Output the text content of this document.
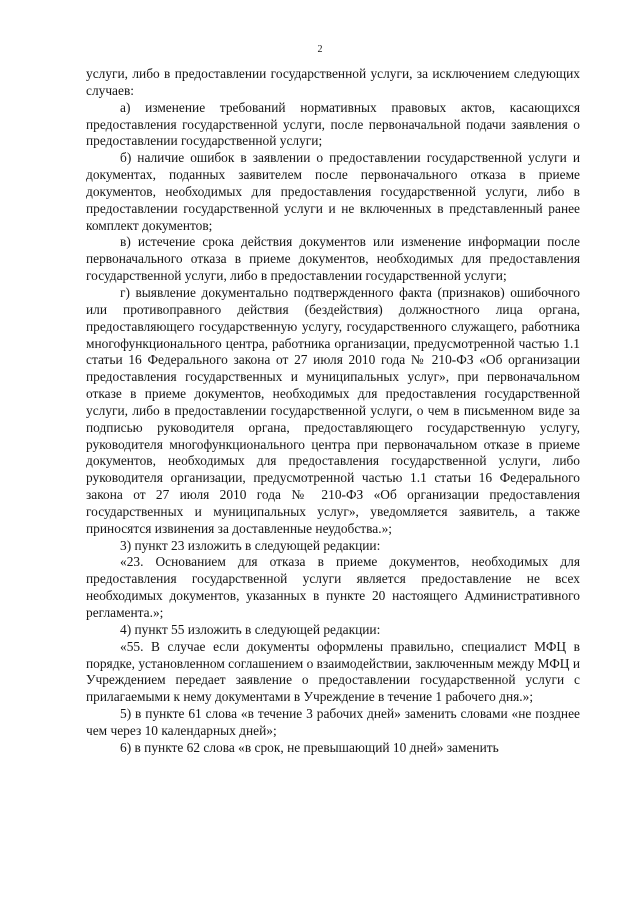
2

услуги, либо в предоставлении государственной услуги, за исключением следующих случаев:

а) изменение требований нормативных правовых актов, касающихся предоставления государственной услуги, после первоначальной подачи заявления о предоставлении государственной услуги;

б) наличие ошибок в заявлении о предоставлении государственной услуги и документах, поданных заявителем после первоначального отказа в приеме документов, необходимых для предоставления государственной услуги, либо в предоставлении государственной услуги и не включенных в представленный ранее комплект документов;

в) истечение срока действия документов или изменение информации после первоначального отказа в приеме документов, необходимых для предоставления государственной услуги, либо в предоставлении государственной услуги;

г) выявление документально подтвержденного факта (признаков) ошибочного или противоправного действия (бездействия) должностного лица органа, предоставляющего государственную услугу, государственного служащего, работника многофункционального центра, работника организации, предусмотренной частью 1.1 статьи 16 Федерального закона от 27 июля 2010 года № 210-ФЗ «Об организации предоставления государственных и муниципальных услуг», при первоначальном отказе в приеме документов, необходимых для предоставления государственной услуги, либо в предоставлении государственной услуги, о чем в письменном виде за подписью руководителя органа, предоставляющего государственную услугу, руководителя многофункционального центра при первоначальном отказе в приеме документов, необходимых для предоставления государственной услуги, либо руководителя организации, предусмотренной частью 1.1 статьи 16 Федерального закона от 27 июля 2010 года № 210-ФЗ «Об организации предоставления государственных и муниципальных услуг», уведомляется заявитель, а также приносятся извинения за доставленные неудобства.»;

3) пункт 23 изложить в следующей редакции:

«23. Основанием для отказа в приеме документов, необходимых для предоставления государственной услуги является предоставление не всех необходимых документов, указанных в пункте 20 настоящего Административного регламента.»;

4) пункт 55 изложить в следующей редакции:

«55. В случае если документы оформлены правильно, специалист МФЦ в порядке, установленном соглашением о взаимодействии, заключенным между МФЦ и Учреждением передает заявление о предоставлении государственной услуги с прилагаемыми к нему документами в Учреждение в течение 1 рабочего дня.»;

5) в пункте 61 слова «в течение 3 рабочих дней» заменить словами «не позднее чем через 10 календарных дней»;

6) в пункте 62 слова «в срок, не превышающий 10 дней» заменить
